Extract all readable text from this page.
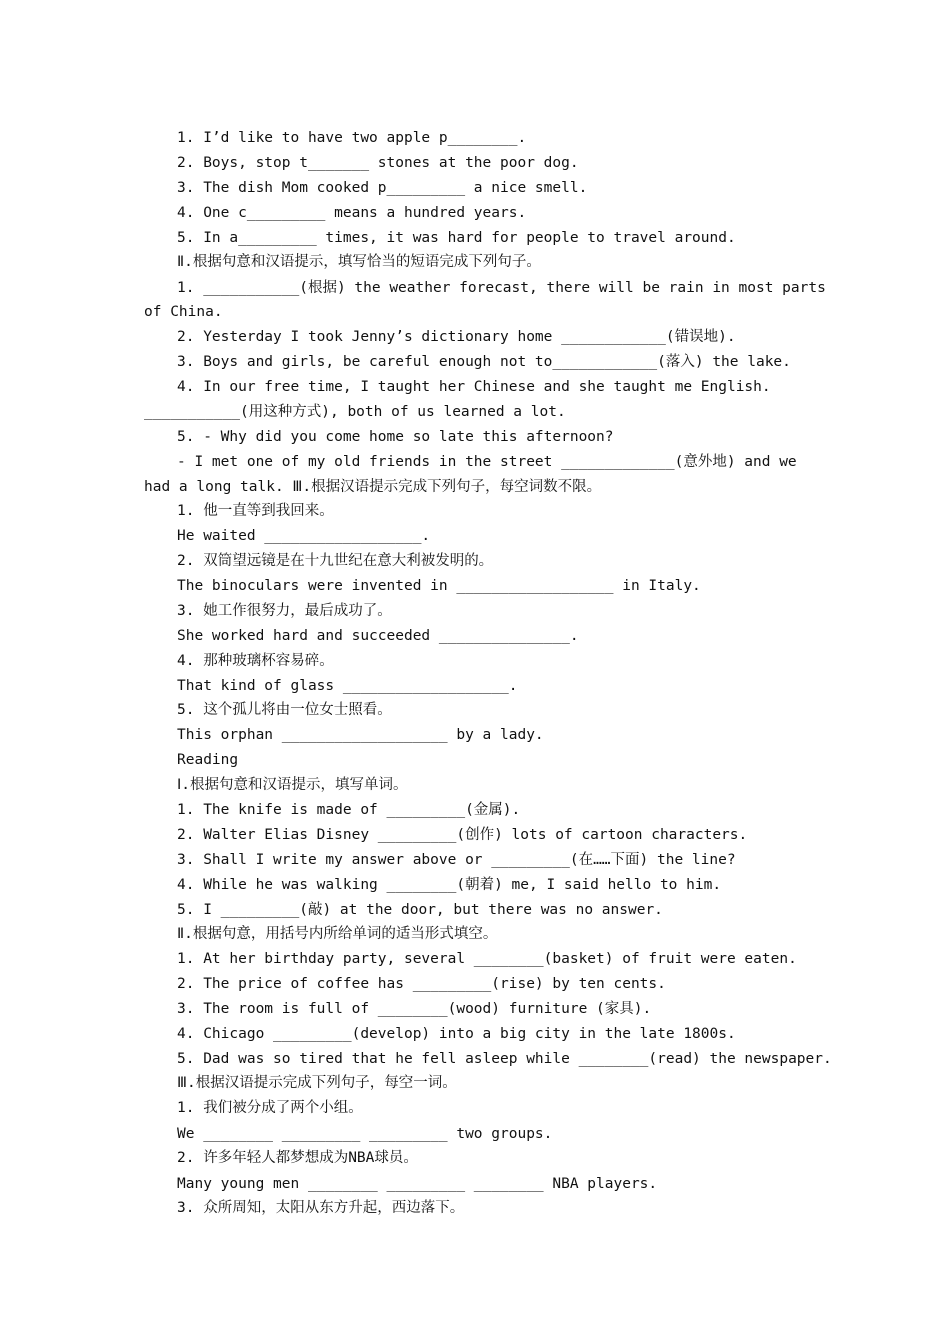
1. I’d like to have two apple p________.

2. Boys, stop t_______ stones at the poor dog.

3. The dish Mom cooked p_________ a nice smell.

4. One c_________ means a hundred years.

5. In a_________ times, it was hard for people to travel around.

Ⅱ.根据句意和汉语提示，填写恰当的短语完成下列句子。

1. ___________(根据) the weather forecast, there will be rain in most parts

of China.

2. Yesterday I took Jenny’s dictionary home ____________(错误地).

3. Boys and girls, be careful enough not to____________(落入) the lake.

4. In our free time, I taught her Chinese and she taught me English.

___________(用这种方式), both of us learned a lot.

5. - Why did you come home so late this afternoon?

- I met one of my old friends in the street _____________(意外地) and we

had a long talk. Ⅲ.根据汉语提示完成下列句子，每空词数不限。

1. 他一直等到我回来。

He waited __________________.

2. 双筒望远镜是在十九世纪在意大利被发明的。

The binoculars were invented in __________________ in Italy.

3. 她工作很努力，最后成功了。

She worked hard and succeeded _______________.

4. 那种玻璃杯容易碎。

That kind of glass ___________________.

5. 这个孤儿将由一位女士照看。

This orphan ___________________ by a lady.

Reading

Ⅰ.根据句意和汉语提示，填写单词。

1. The knife is made of _________(金属).

2. Walter Elias Disney _________(创作) lots of cartoon characters.

3. Shall I write my answer above or _________(在……下面) the line?

4. While he was walking ________(朝着) me, I said hello to him.

5. I _________(敲) at the door, but there was no answer.

Ⅱ.根据句意，用括号内所给单词的适当形式填空。

1. At her birthday party, several ________(basket) of fruit were eaten.

2. The price of coffee has _________(rise) by ten cents.

3. The room is full of ________(wood) furniture (家具).

4. Chicago _________(develop) into a big city in the late 1800s.

5. Dad was so tired that he fell asleep while ________(read) the newspaper.

Ⅲ.根据汉语提示完成下列句子，每空一词。

1. 我们被分成了两个小组。

We ________ _________ _________ two groups.

2. 许多年轻人都梦想成为NBA球员。

Many young men ________ _________ ________ NBA players.

3. 众所周知，太阳从东方升起，西边落下。
